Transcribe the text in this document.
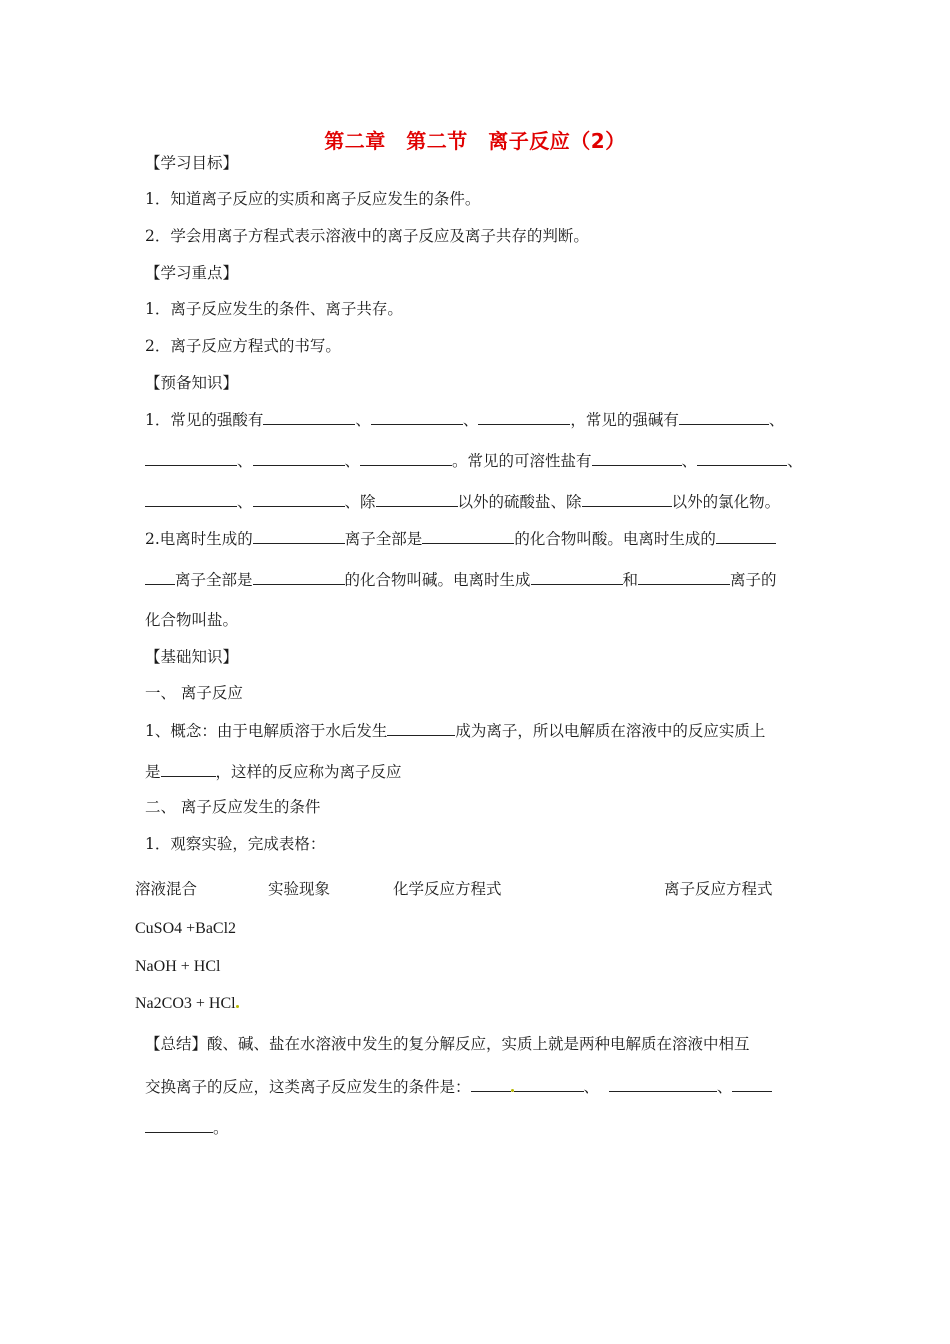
第二章　第二节　离子反应（2）
【学习目标】
1．知道离子反应的实质和离子反应发生的条件。
2．学会用离子方程式表示溶液中的离子反应及离子共存的判断。
【学习重点】
1．离子反应发生的条件、离子共存。
2．离子反应方程式的书写。
【预备知识】
1．常见的强酸有	、	、	，常见的强碱有	、
、	、	。常见的可溶性盐有	、	、
、	、除	以外的硫酸盐、除	以外的氯化物。
2.电离时生成的	离子全部是	的化合物叫酸。电离时生成的
离子全部是	的化合物叫碱。电离时生成	和	离子的
化合物叫盐。
【基础知识】
一、 离子反应
1、概念：由于电解质溶于水后发生	成为离子，所以电解质在溶液中的反应实质上
是	，这样的反应称为离子反应
二、 离子反应发生的条件
1．观察实验，完成表格：
溶液混合	实验现象	化学反应方程式	离子反应方程式
CuSO4 +BaCl2
NaOH + HCl
Na2CO3 + HCl
【总结】酸、碱、盐在水溶液中发生的复分解反应，实质上就是两种电解质在溶液中相互
交换离子的反应，这类离子反应发生的条件是：	、	、
。
